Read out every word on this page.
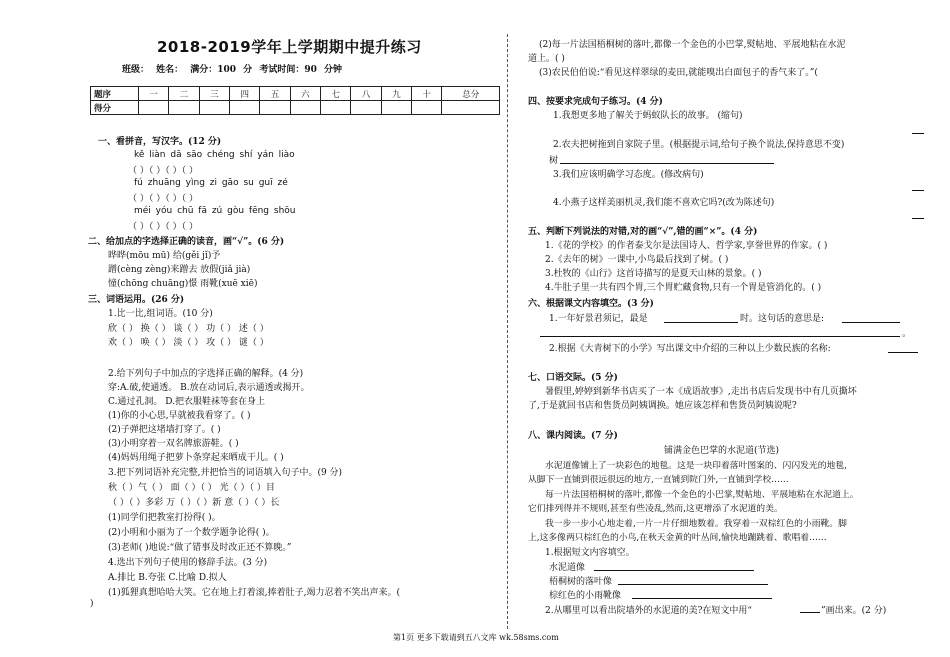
2018-2019学年上学期期中提升练习
班级： 姓名： 满分：100 分 考试时间：90 分钟
题序	一	二	三	四	五	六	七	八	九	十	总分
得分											
一、看拼音，写汉字。(12 分)
kě liàn dā sāo chéng shí yán liào
（ ）（ ）（ ）（ ）
fú zhuāng yìng zi gāo su guī zé
（ ）（ ）（ ）（ ）
méi yóu chū fā zú gòu fēng shōu
（ ）（ ）（ ）（ ）
二、给加点的字选择正确的读音，画“√”。(6 分)
晔晔(mōu mū) 给(gěi jǐ)予
蹭(cèng zèng)来蹭去 放假(jiǎ jià)
憧(chōng chuāng)憬 雨靴(xuē xiē)
三、词语运用。(26 分)
1.比一比,组词语。(10 分)
欣（ ） 换（ ） 谈（ ） 功（ ） 述（ ）
欢（ ） 唤（ ） 淡（ ） 攻（ ） 谜（ ）
2.给下列句子中加点的字选择正确的解释。(4 分)
穿:A.破,使通透。 B.放在动词后,表示通透或揭开。
C.通过孔洞。 D.把衣服鞋袜等套在身上
(1)你的小心思,早就被我看穿了。( )
(2)子弹把这堵墙打穿了。( )
(3)小明穿着一双名牌旅游鞋。( )
(4)妈妈用绳子把萝卜条穿起来晒成干儿。( )
3.把下列词语补充完整,并把恰当的词语填入句子中。(9 分)
秋（ ）气（ ） 面（ ）（ ） 光（ ）（ ）目
（ ）（ ）多彩 万（ ）（ ）新 意（ ）（ ）长
(1)同学们把教室打扮得( )。
(2)小明和小丽为了一个数学题争论得( )。
(3)老师( )地说:“做了错事及时改正还不算晚。”
4.选出下列句子使用的修辞手法。(3 分)
A.排比 B.夸张 C.比喻 D.拟人
(1)狐狸真想哈哈大笑。它在地上打着滚,捧着肚子,竭力忍着不笑出声来。(
)
(2)每一片法国梧桐树的落叶,都像一个金色的小巴掌,熨帖地、平展地粘在水泥
道上。( )
(3)农民伯伯说:“看见这样翠绿的麦田,就能嗅出白面包子的香气来了。”(
四、按要求完成句子练习。(4 分)
1.我想更多地了解关于蚂蚁队长的故事。 (缩句)
2.农夫把树拖到自家院子里。(根据提示词,给句子换个说法,保持意思不变)
树
3.我们应该明确学习态度。(修改病句)
4.小燕子这样美丽机灵,我们能不喜欢它吗?(改为陈述句)
五、判断下列说法的对错,对的画“√”,错的画“×”。(4 分)
1.《花的学校》的作者泰戈尔是法国诗人、哲学家,享誉世界的作家。( )
2.《去年的树》一课中,小鸟最后找到了树。( )
3.杜牧的《山行》这首诗描写的是夏天山林的景象。( )
4.牛肚子里一共有四个胃,三个胃贮藏食物,只有一个胃是管消化的。( )
六、根据课文内容填空。(3 分)
1.一年好景君须记，最是	时。这句话的意思是:
。
2.根据《大青树下的小学》写出课文中介绍的三种以上少数民族的名称:
七、口语交际。(5 分)
暑假里,婷婷到新华书店买了一本《成语故事》,走出书店后发现书中有几页撕坏
了,于是就回书店和售货员阿姨调换。她应该怎样和售货员阿姨说呢?
八、课内阅读。(7 分)
铺满金色巴掌的水泥道(节选)
水泥道像铺上了一块彩色的地毯。这是一块印着落叶图案的、闪闪发光的地毯,
从脚下一直铺到很远很远的地方,一直铺到院门外,一直铺到学校……
每一片法国梧桐树的落叶,都像一个金色的小巴掌,熨帖地、平展地粘在水泥道上。
它们排列得并不规则,甚至有些凌乱,然而,这更增添了水泥道的美。
我一步一步小心地走着,一片一片仔细地数着。我穿着一双棕红色的小雨靴。脚
上,这多像两只棕红色的小鸟,在秋天金黄的叶丛间,愉快地蹦跳着、歌唱着……
1.根据短文内容填空。
水泥道像
梧桐树的落叶像
棕红色的小雨靴像
2.从哪里可以看出院墙外的水泥道的美?在短文中用“	”画出来。(2 分)
第1页 更多下载请到五八文库 wk.58sms.com
